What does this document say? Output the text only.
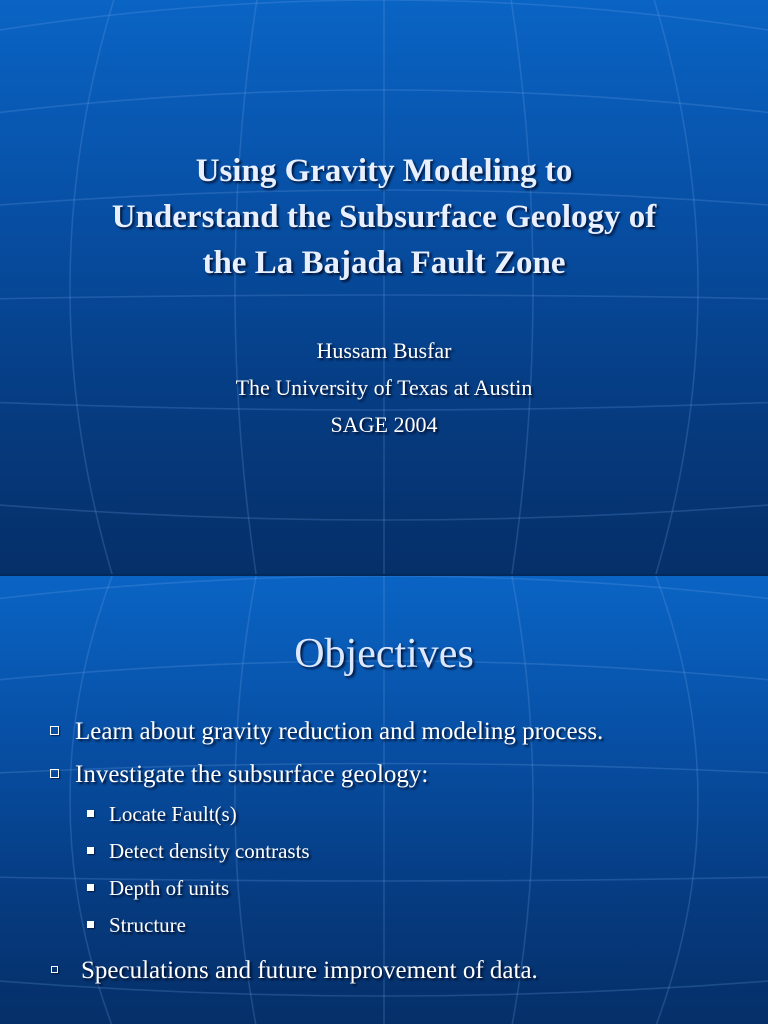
Using Gravity Modeling to
Understand the Subsurface Geology of
the La Bajada Fault Zone
Hussam Busfar
The University of Texas at Austin
SAGE 2004
Objectives
Learn about gravity reduction and modeling process.
Investigate the subsurface geology:
Locate Fault(s)
Detect density contrasts
Depth of units
Structure
Speculations and future improvement of data.
